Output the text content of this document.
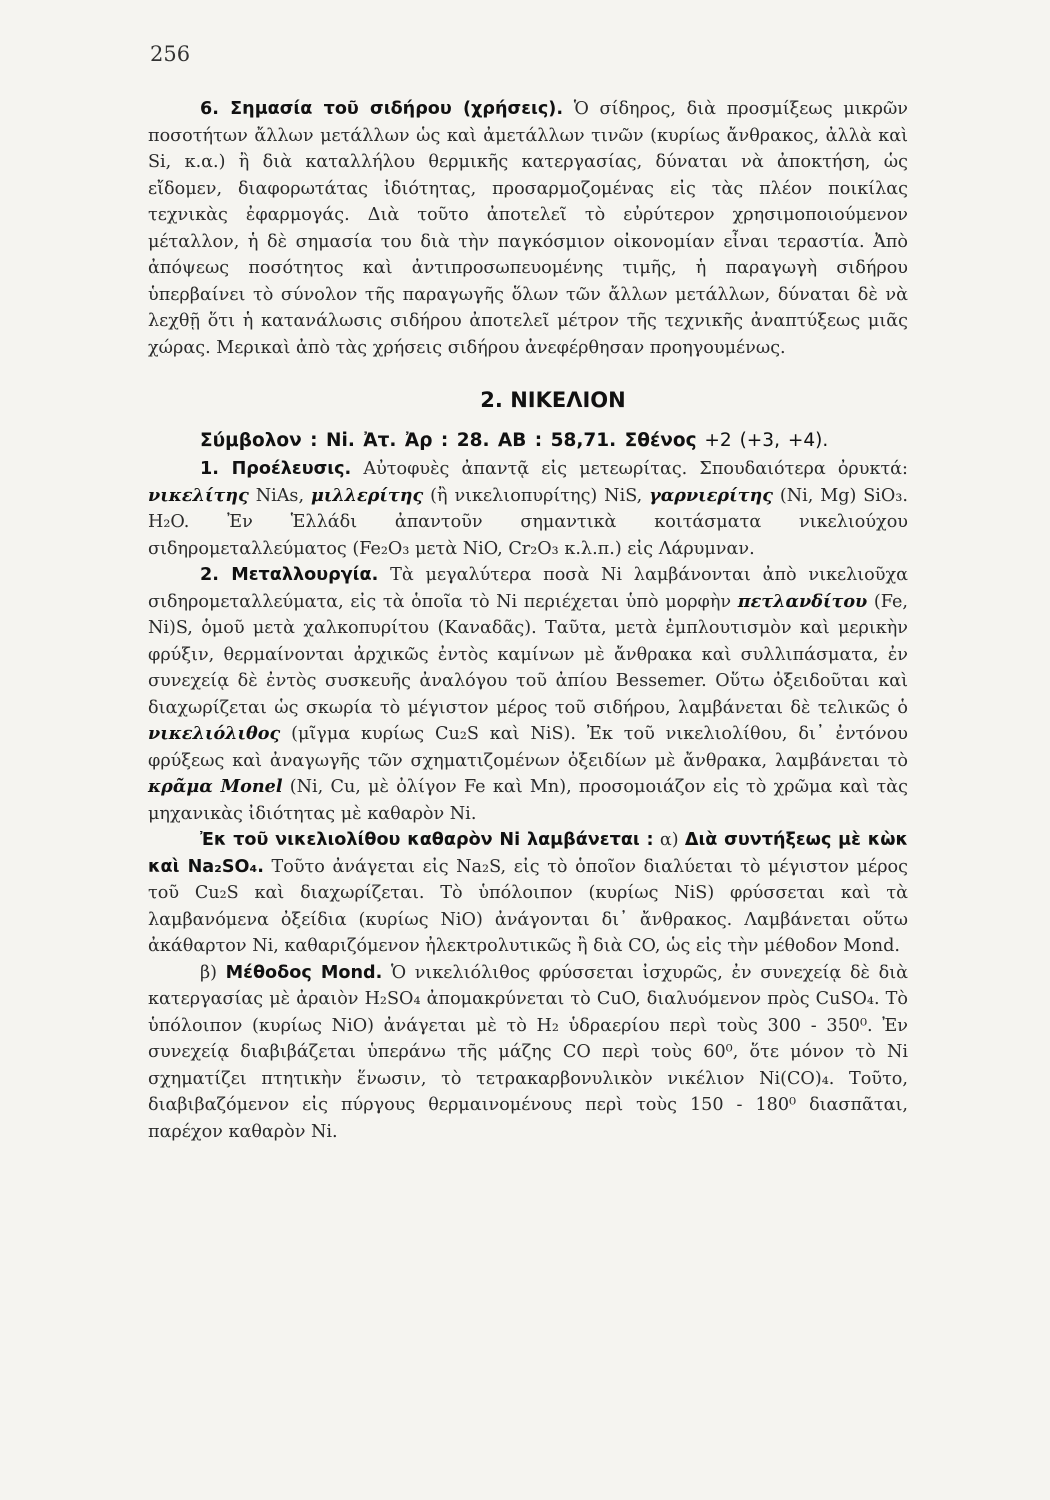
256

6. Σημασία τοῦ σιδήρου (χρήσεις). Ὁ σίδηρος, διὰ προσμίξεως μικρῶν ποσοτήτων ἄλλων μετάλλων ὡς καὶ ἀμετάλλων τινῶν (κυρίως ἄνθρακος, ἀλλὰ καὶ Si, κ.α.) ἢ διὰ καταλλήλου θερμικῆς κατεργασίας, δύναται νὰ ἀποκτήση, ὡς εἴδομεν, διαφορωτάτας ἰδιότητας, προσαρμοζομένας εἰς τὰς πλέον ποικίλας τεχνικὰς ἐφαρμογάς. Διὰ τοῦτο ἀποτελεῖ τὸ εὐρύτερον χρησιμοποιούμενον μέταλλον, ἡ δὲ σημασία του διὰ τὴν παγκόσμιον οἰκονομίαν εἶναι τεραστία. Ἀπὸ ἀπόψεως ποσότητος καὶ ἀντιπροσωπευομένης τιμῆς, ἡ παραγωγὴ σιδήρου ὑπερβαίνει τὸ σύνολον τῆς παραγωγῆς ὅλων τῶν ἄλλων μετάλλων, δύναται δὲ νὰ λεχθῇ ὅτι ἡ κατανάλωσις σιδήρου ἀποτελεῖ μέτρον τῆς τεχνικῆς ἀναπτύξεως μιᾶς χώρας. Μερικαὶ ἀπὸ τὰς χρήσεις σιδήρου ἀνεφέρθησαν προηγουμένως.

2. ΝΙΚΕΛΙΟΝ
Σύμβολον : Ni. Ἀτ. Ἀρ : 28. ΑΒ : 58,71. Σθένος +2 (+3, +4).

1. Προέλευσις. Αὐτοφυὲς ἀπαντᾷ εἰς μετεωρίτας. Σπουδαιότερα ὀρυκτά: νικελίτης NiAs, μιλλερίτης (ἢ νικελιοπυρίτης) NiS, γαρνιερίτης (Ni, Mg) SiO₃. H₂O. Ἐν Ἑλλάδι ἀπαντοῦν σημαντικὰ κοιτάσματα νικελιούχου σιδηρομεταλλεύματος (Fe₂O₃ μετὰ NiO, Cr₂O₃ κ.λ.π.) εἰς Λάρυμναν.

2. Μεταλλουργία. Τὰ μεγαλύτερα ποσὰ Ni λαμβάνονται ἀπὸ νικελιοῦχα σιδηρομεταλλεύματα, εἰς τὰ ὁποῖα τὸ Ni περιέχεται ὑπὸ μορφὴν πετλανδίτου (Fe, Ni)S, ὁμοῦ μετὰ χαλκοπυρίτου (Καναδᾶς). Ταῦτα, μετὰ ἐμπλουτισμὸν καὶ μερικὴν φρύξιν, θερμαίνονται ἀρχικῶς ἐντὸς καμίνων μὲ ἄνθρακα καὶ συλλιπάσματα, ἐν συνεχείᾳ δὲ ἐντὸς συσκευῆς ἀναλόγου τοῦ ἀπίου Bessemer. Οὕτω ὀξειδοῦται καὶ διαχωρίζεται ὡς σκωρία τὸ μέγιστον μέρος τοῦ σιδήρου, λαμβάνεται δὲ τελικῶς ὁ νικελιόλιθος (μῖγμα κυρίως Cu₂S καὶ NiS). Ἐκ τοῦ νικελιολίθου, δι᾽ ἐντόνου φρύξεως καὶ ἀναγωγῆς τῶν σχηματιζομένων ὀξειδίων μὲ ἄνθρακα, λαμβάνεται τὸ κρᾶμα Monel (Ni, Cu, μὲ ὀλίγον Fe καὶ Mn), προσομοιάζον εἰς τὸ χρῶμα καὶ τὰς μηχανικὰς ἰδιότητας μὲ καθαρὸν Ni.

Ἐκ τοῦ νικελιολίθου καθαρὸν Ni λαμβάνεται : α) Διὰ συντήξεως μὲ κὼκ καὶ Na₂SO₄. Τοῦτο ἀνάγεται εἰς Na₂S, εἰς τὸ ὁποῖον διαλύεται τὸ μέγιστον μέρος τοῦ Cu₂S καὶ διαχωρίζεται. Τὸ ὑπόλοιπον (κυρίως NiS) φρύσσεται καὶ τὰ λαμβανόμενα ὀξείδια (κυρίως NiO) ἀνάγονται δι᾽ ἄνθρακος. Λαμβάνεται οὕτω ἀκάθαρτον Ni, καθαριζόμενον ἠλεκτρολυτικῶς ἢ διὰ CO, ὡς εἰς τὴν μέθοδον Mond.

β) Μέθοδος Mond. Ὁ νικελιόλιθος φρύσσεται ἰσχυρῶς, ἐν συνεχείᾳ δὲ διὰ κατεργασίας μὲ ἀραιὸν H₂SO₄ ἀπομακρύνεται τὸ CuO, διαλυόμενον πρὸς CuSO₄. Τὸ ὑπόλοιπον (κυρίως NiO) ἀνάγεται μὲ τὸ H₂ ὑδραερίου περὶ τοὺς 300 - 350⁰. Ἐν συνεχείᾳ διαβιβάζεται ὑπεράνω τῆς μάζης CO περὶ τοὺς 60⁰, ὅτε μόνον τὸ Ni σχηματίζει πτητικὴν ἕνωσιν, τὸ τετρακαρβονυλικὸν νικέλιον Ni(CO)₄. Τοῦτο, διαβιβαζόμενον εἰς πύργους θερμαινομένους περὶ τοὺς 150 - 180⁰ διασπᾶται, παρέχον καθαρὸν Ni.
